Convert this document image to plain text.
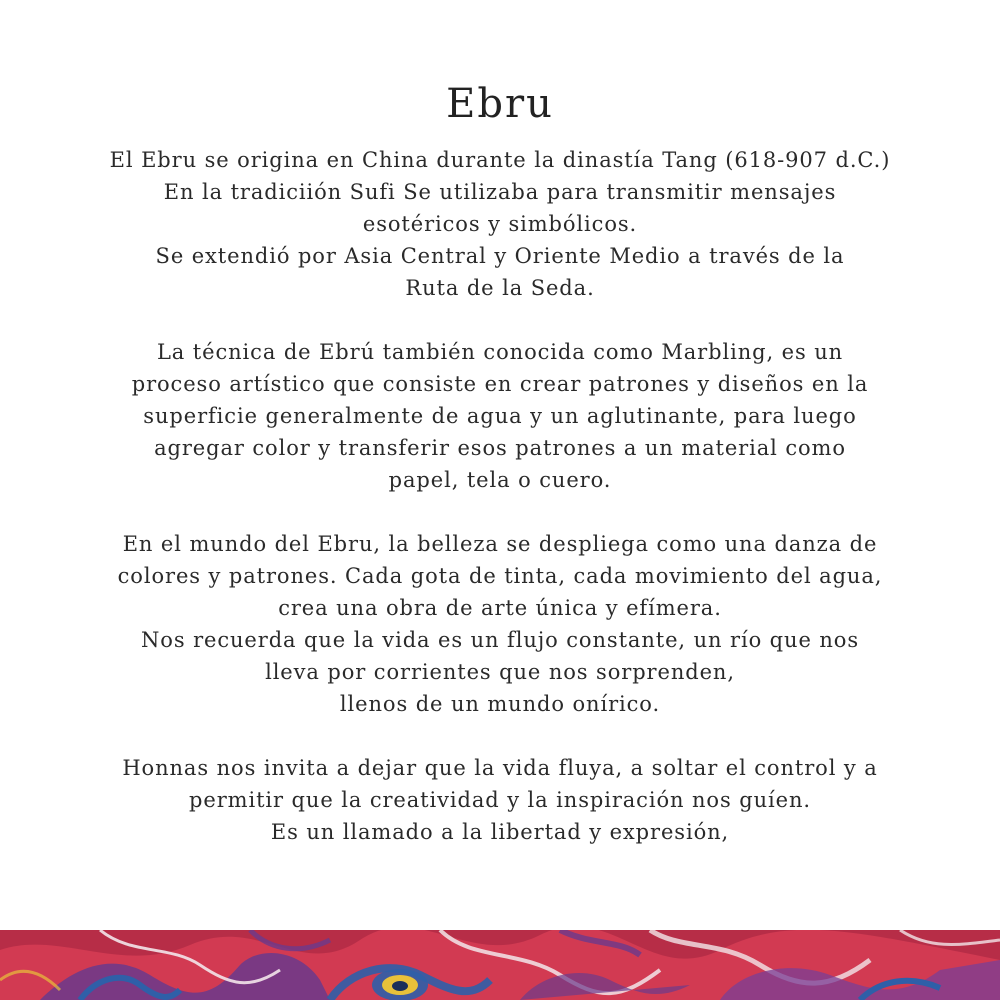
Ebru
El Ebru se origina en China durante la dinastía Tang (618-907 d.C.)
En la tradiciión Sufi Se utilizaba para transmitir mensajes
esotéricos y simbólicos.
Se extendió por Asia Central y Oriente Medio a través de la
Ruta de la Seda.
La técnica de Ebrú también conocida como Marbling, es un
proceso artístico que consiste en crear patrones y diseños en la
superficie generalmente de agua y un aglutinante, para luego
agregar color y transferir esos patrones a un material como
papel, tela o cuero.
En el mundo del Ebru, la belleza se despliega como una danza de
colores y patrones. Cada gota de tinta, cada movimiento del agua,
crea una obra de arte única y efímera.
Nos recuerda que la vida es un flujo constante, un río que nos
lleva por corrientes que nos sorprenden,
llenos de un mundo onírico.
Honnas nos invita a dejar que la vida fluya, a soltar el control y a
permitir que la creatividad y la inspiración nos guíen.
Es un llamado a la libertad y expresión,
